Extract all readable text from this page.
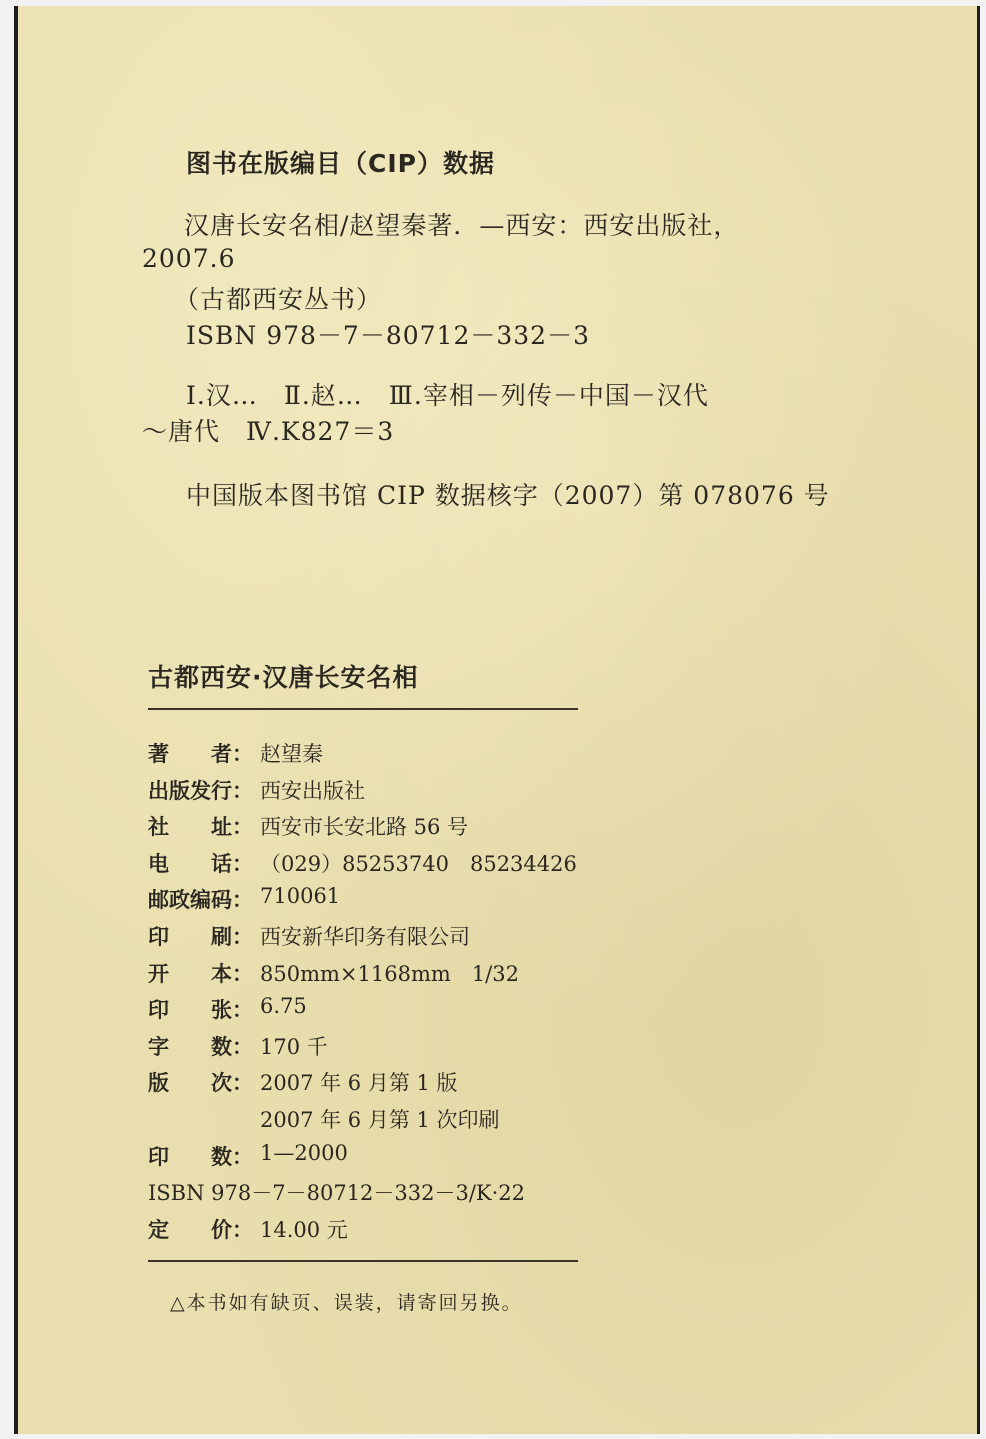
图书在版编目（CIP）数据
汉唐长安名相/赵望秦著．—西安：西安出版社，
2007.6
（古都西安丛书）
ISBN 978－7－80712－332－3
Ⅰ.汉…　Ⅱ.赵…　Ⅲ.宰相－列传－中国－汉代
～唐代　Ⅳ.K827＝3
中国版本图书馆 CIP 数据核字（2007）第 078076 号
古都西安·汉唐长安名相
著　　者： 赵望秦
出版发行： 西安出版社
社　　址： 西安市长安北路 56 号
电　　话： （029）85253740　85234426
邮政编码： 710061
印　　刷： 西安新华印务有限公司
开　　本： 850mm×1168mm　1/32
印　　张： 6.75
字　　数： 170 千
版　　次： 2007 年 6 月第 1 版
2007 年 6 月第 1 次印刷
印　　数： 1—2000
ISBN 978－7－80712－332－3/K·22
定　　价： 14.00 元
△本书如有缺页、误装，请寄回另换。
